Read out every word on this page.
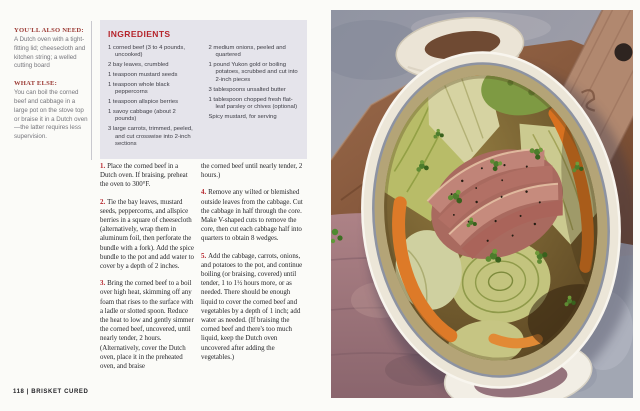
YOU'LL ALSO NEED:

A Dutch oven with a tight-fitting lid; cheesecloth and kitchen string; a welled cutting board

WHAT ELSE:

You can boil the corned beef and cabbage in a large pot on the stove top or braise it in a Dutch oven—the latter requires less supervision.

INGREDIENTS
1 corned beef (3 to 4 pounds, uncooked)
2 bay leaves, crumbled
1 teaspoon mustard seeds
1 teaspoon whole black peppercorns
1 teaspoon allspice berries
1 savoy cabbage (about 2 pounds)
3 large carrots, trimmed, peeled, and cut crosswise into 2-inch sections
2 medium onions, peeled and quartered
1 pound Yukon gold or boiling potatoes, scrubbed and cut into 2-inch pieces
3 tablespoons unsalted butter
1 tablespoon chopped fresh flat-leaf parsley or chives (optional)
Spicy mustard, for serving

1. Place the corned beef in a Dutch oven. If braising, preheat the oven to 300°F.

2. Tie the bay leaves, mustard seeds, peppercorns, and allspice berries in a square of cheesecloth (alternatively, wrap them in aluminum foil, then perforate the bundle with a fork). Add the spice bundle to the pot and add water to cover by a depth of 2 inches.

3. Bring the corned beef to a boil over high heat, skimming off any foam that rises to the surface with a ladle or slotted spoon. Reduce the heat to low and gently simmer the corned beef, uncovered, until nearly tender, 2 hours. (Alternatively, cover the Dutch oven, place it in the preheated oven, and braise

the corned beef until nearly tender, 2 hours.)

4. Remove any wilted or blemished outside leaves from the cabbage. Cut the cabbage in half through the core. Make V-shaped cuts to remove the core, then cut each cabbage half into quarters to obtain 8 wedges.

5. Add the cabbage, carrots, onions, and potatoes to the pot, and continue boiling (or braising, covered) until tender, 1 to 1½ hours more, or as needed. There should be enough liquid to cover the corned beef and vegetables by a depth of 1 inch; add water as needed. (If braising the corned beef and there's too much liquid, keep the Dutch oven uncovered after adding the vegetables.)

118 | BRISKET CURED
